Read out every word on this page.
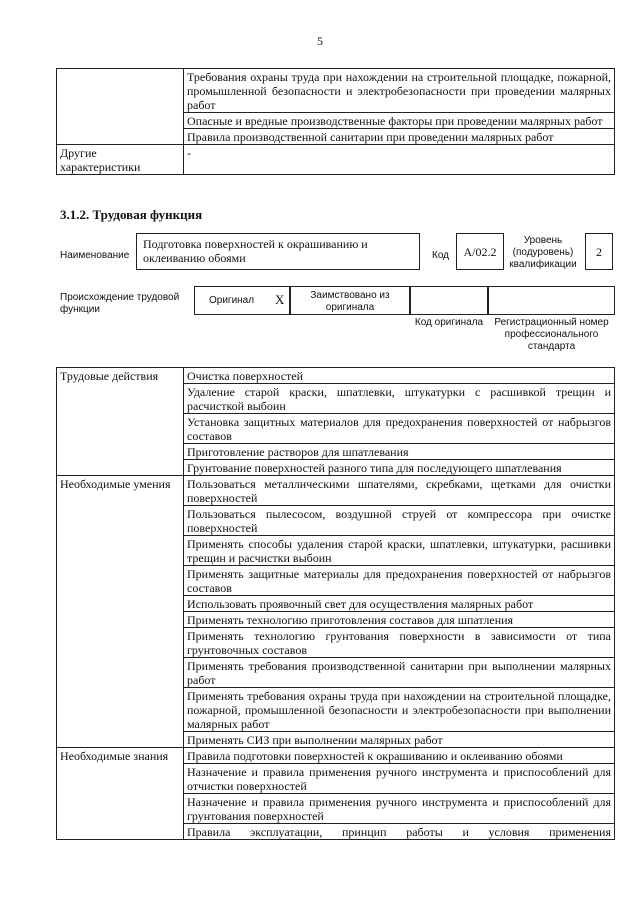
5
	Требования охраны труда при нахождении на строительной площадке, пожарной, промышленной безопасности и электробезопасности при проведении малярных работ
	Опасные и вредные производственные факторы при проведении малярных работ
	Правила производственной санитарии при проведении малярных работ
Другие характеристики	-
3.1.2. Трудовая функция
Наименование
Подготовка поверхностей к окрашиванию и оклеиванию обоями	Код	А/02.2
Уровень (подуровень) квалификации
2
Происхождение трудовой функции
Оригинал X	Заимствовано из оригинала
Код оригинала	Регистрационный номер профессионального стандарта
Трудовые действия	Очистка поверхностей
	Удаление старой краски, шпатлевки, штукатурки с расшивкой трещин и расчисткой выбоин
	Установка защитных материалов для предохранения поверхностей от набрызгов составов
	Приготовление растворов для шпатлевания
	Грунтование поверхностей разного типа для последующего шпатлевания
Необходимые умения	Пользоваться металлическими шпателями, скребками, щетками для очистки поверхностей
	Пользоваться пылесосом, воздушной струей от компрессора при очистке поверхностей
	Применять способы удаления старой краски, шпатлевки, штукатурки, расшивки трещин и расчистки выбоин
	Применять защитные материалы для предохранения поверхностей от набрызгов составов
	Использовать проявочный свет для осуществления малярных работ
	Применять технологию приготовления составов для шпатления
	Применять технологию грунтования поверхности в зависимости от типа грунтовочных составов
	Применять требования производственной санитарии при выполнении малярных работ
	Применять требования охраны труда при нахождении на строительной площадке, пожарной, промышленной безопасности и электробезопасности при выполнении малярных работ
	Применять СИЗ при выполнении малярных работ
Необходимые знания	Правила подготовки поверхностей к окрашиванию и оклеиванию обоями
	Назначение и правила применения ручного инструмента и приспособлений для отчистки поверхностей
	Назначение и правила применения ручного инструмента и приспособлений для грунтования поверхностей
	Правила эксплуатации, принцип работы и условия применения
